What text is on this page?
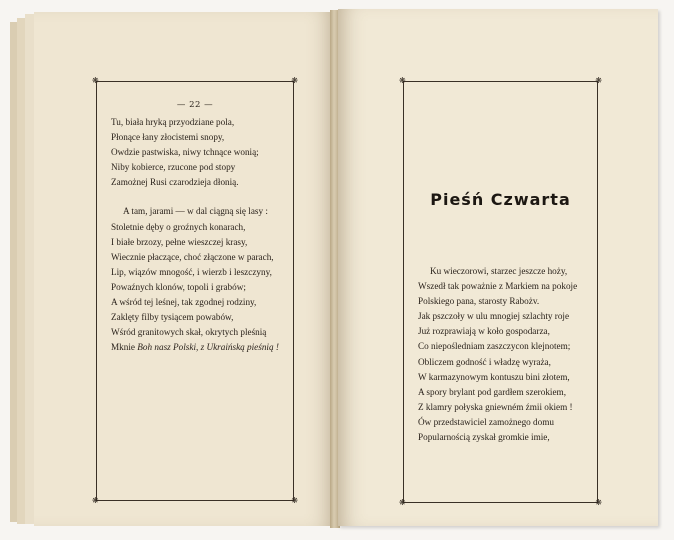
❋	❋
❋	❋
— 22 —
Tu, biała hryką przyodziane pola,
Płonące łany złocistemi snopy,
Owdzie pastwiska, niwy tchnące wonią;
Niby kobierce, rzucone pod stopy
Zamożnej Rusi czarodzieja dłonią.
A tam, jarami — w dal ciągną się lasy :
Stoletnie dęby o groźnych konarach,
I białe brzozy, pełne wieszczej krasy,
Wiecznie płaczące, choć złączone w parach,
Lip, wiązów mnogość, i wierzb i leszczyny,
Powaźnych klonów, topoli i grabów;
A wśród tej leśnej, tak zgodnej rodziny,
Zaklęty filby tysiącem powabów,
Wśród granitowych skał, okrytych pleśnią
Mknie Boh nasz Polski, z Ukraińską pieśnią !
❋	❋
❋	❋
Pieśń Czwarta
Ku wieczorowi, starzec jeszcze hoży,
Wszedł tak poważnie z Markiem na pokoje
Polskiego pana, starosty Rabożv.
Jak pszczoły w ulu mnogiej szlachty roje
Już rozprawiają w koło gospodarza,
Co niepośledniam zaszczycon klejnotem;
Obliczem godność i władzę wyraża,
W karmazynowym kontuszu bini złotem,
A spory brylant pod gardłem szerokiem,
Z klamry połyska gniewném źmii okiem !
Ów przedstawiciel zamożnego domu
Popularnością zyskał gromkie imie,
